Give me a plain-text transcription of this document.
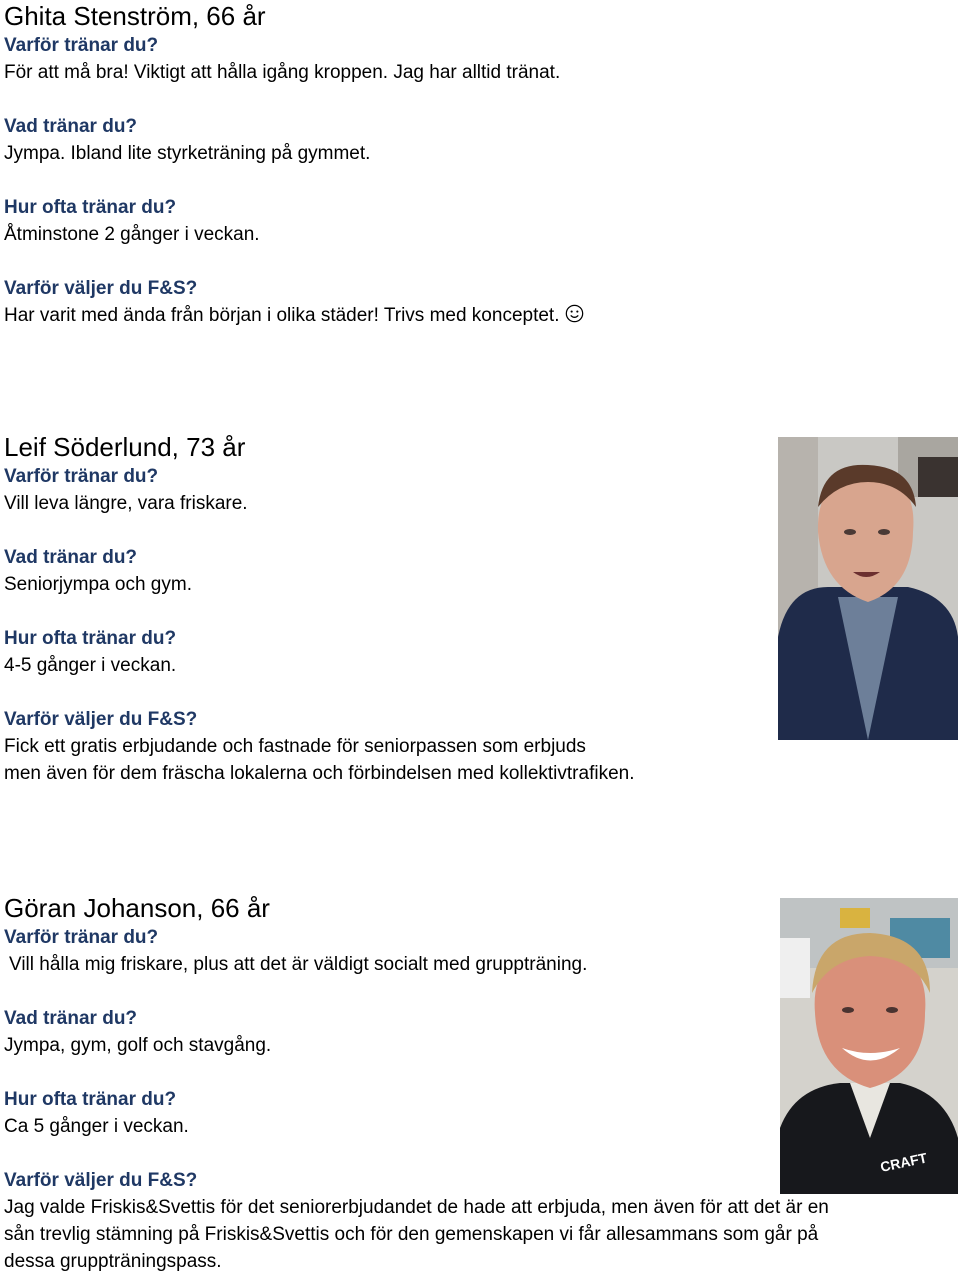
Ghita Stenström, 66 år
Varför tränar du?
För att må bra! Viktigt att hålla igång kroppen. Jag har alltid tränat.
Vad tränar du?
Jympa. Ibland lite styrketräning på gymmet.
Hur ofta tränar du?
Åtminstone 2 gånger i veckan.
Varför väljer du F&S?
Har varit med ända från början i olika städer! Trivs med konceptet.
Leif Söderlund, 73 år
Varför tränar du?
Vill leva längre, vara friskare.
Vad tränar du?
Seniorjympa och gym.
Hur ofta tränar du?
4-5 gånger i veckan.
Varför väljer du F&S?
Fick ett gratis erbjudande och fastnade för seniorpassen som erbjuds
men även för dem fräscha lokalerna och förbindelsen med kollektivtrafiken.
Göran Johanson, 66 år
Varför tränar du?
Vill hålla mig friskare, plus att det är väldigt socialt med gruppträning.
Vad tränar du?
Jympa, gym, golf och stavgång.
Hur ofta tränar du?
Ca 5 gånger i veckan.
Varför väljer du F&S?
Jag valde Friskis&Svettis för det seniorerbjudandet de hade att erbjuda, men även för att det är en
sån trevlig stämning på Friskis&Svettis och för den gemenskapen vi får allesammans som går på
dessa gruppträningspass.
CRAFT
